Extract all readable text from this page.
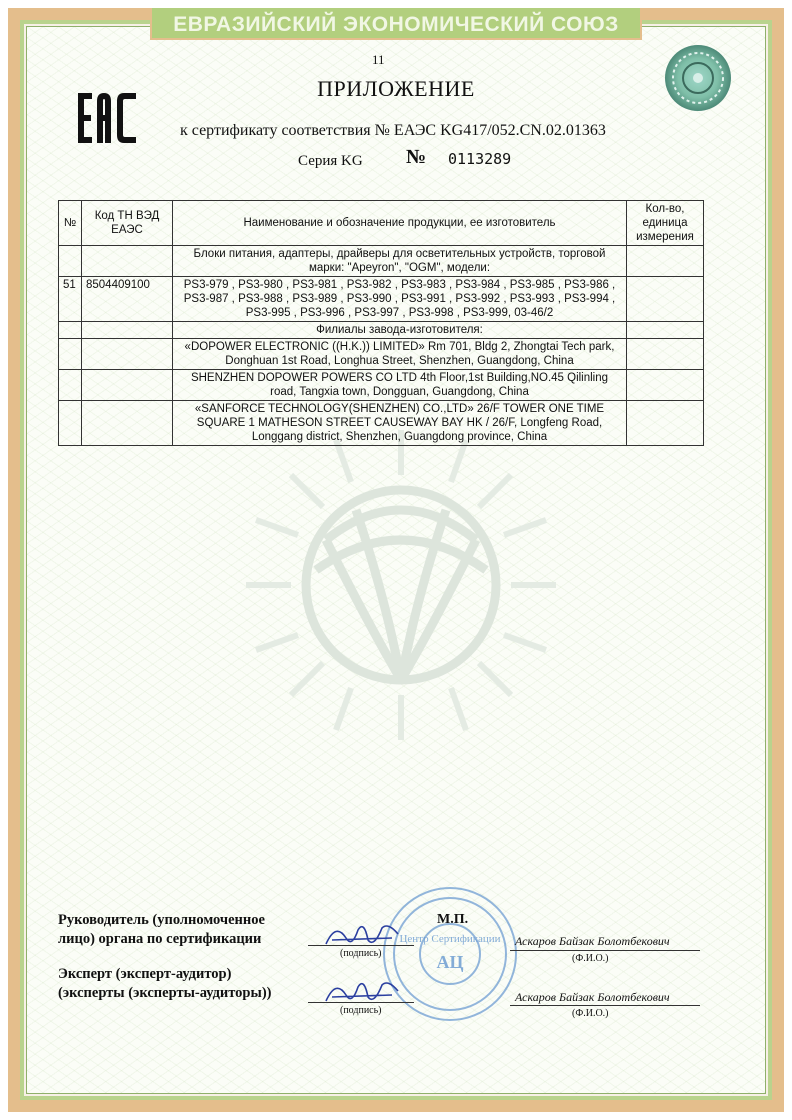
ЕВРАЗИЙСКИЙ ЭКОНОМИЧЕСКИЙ СОЮЗ
11
ПРИЛОЖЕНИЕ
к сертификату соответствия № ЕАЭС KG417/052.CN.02.01363
Серия KG № 0113289
№	Код ТН ВЭД ЕАЭС	Наименование и обозначение продукции, ее изготовитель	Кол-во, единица измерения
		Блоки питания, адаптеры, драйверы для осветительных устройств, торговой марки: "Apeyron", "OGM", модели:	
51	8504409100	PS3-979 , PS3-980 , PS3-981 , PS3-982 , PS3-983 , PS3-984 , PS3-985 , PS3-986 , PS3-987 , PS3-988 , PS3-989 , PS3-990 , PS3-991 , PS3-992 , PS3-993 , PS3-994 , PS3-995 , PS3-996 , PS3-997 , PS3-998 , PS3-999, 03-46/2	
		Филиалы завода-изготовителя:	
		«DOPOWER ELECTRONIC ((H.K.)) LIMITED» Rm 701, Bldg 2, Zhongtai Tech park, Donghuan 1st Road, Longhua Street, Shenzhen, Guangdong, China	
		SHENZHEN DOPOWER POWERS CO LTD 4th Floor,1st Building,NO.45 Qilinling road, Tangxia town, Dongguan, Guangdong, China	
		«SANFORCE TECHNOLOGY(SHENZHEN) CO.,LTD» 26/F TOWER ONE TIME SQUARE 1 MATHESON STREET CAUSEWAY BAY HK / 26/F, Longfeng Road, Longgang district, Shenzhen, Guangdong province, China	
Руководитель (уполномоченное
лицо) органа по сертификации
Эксперт (эксперт-аудитор)
(эксперты (эксперты-аудиторы))
Центр Сертификации
АЦ
М.П.
(подпись)
Аскаров Байзак Болотбекович
(Ф.И.О.)
(подпись)
Аскаров Байзак Болотбекович
(Ф.И.О.)
